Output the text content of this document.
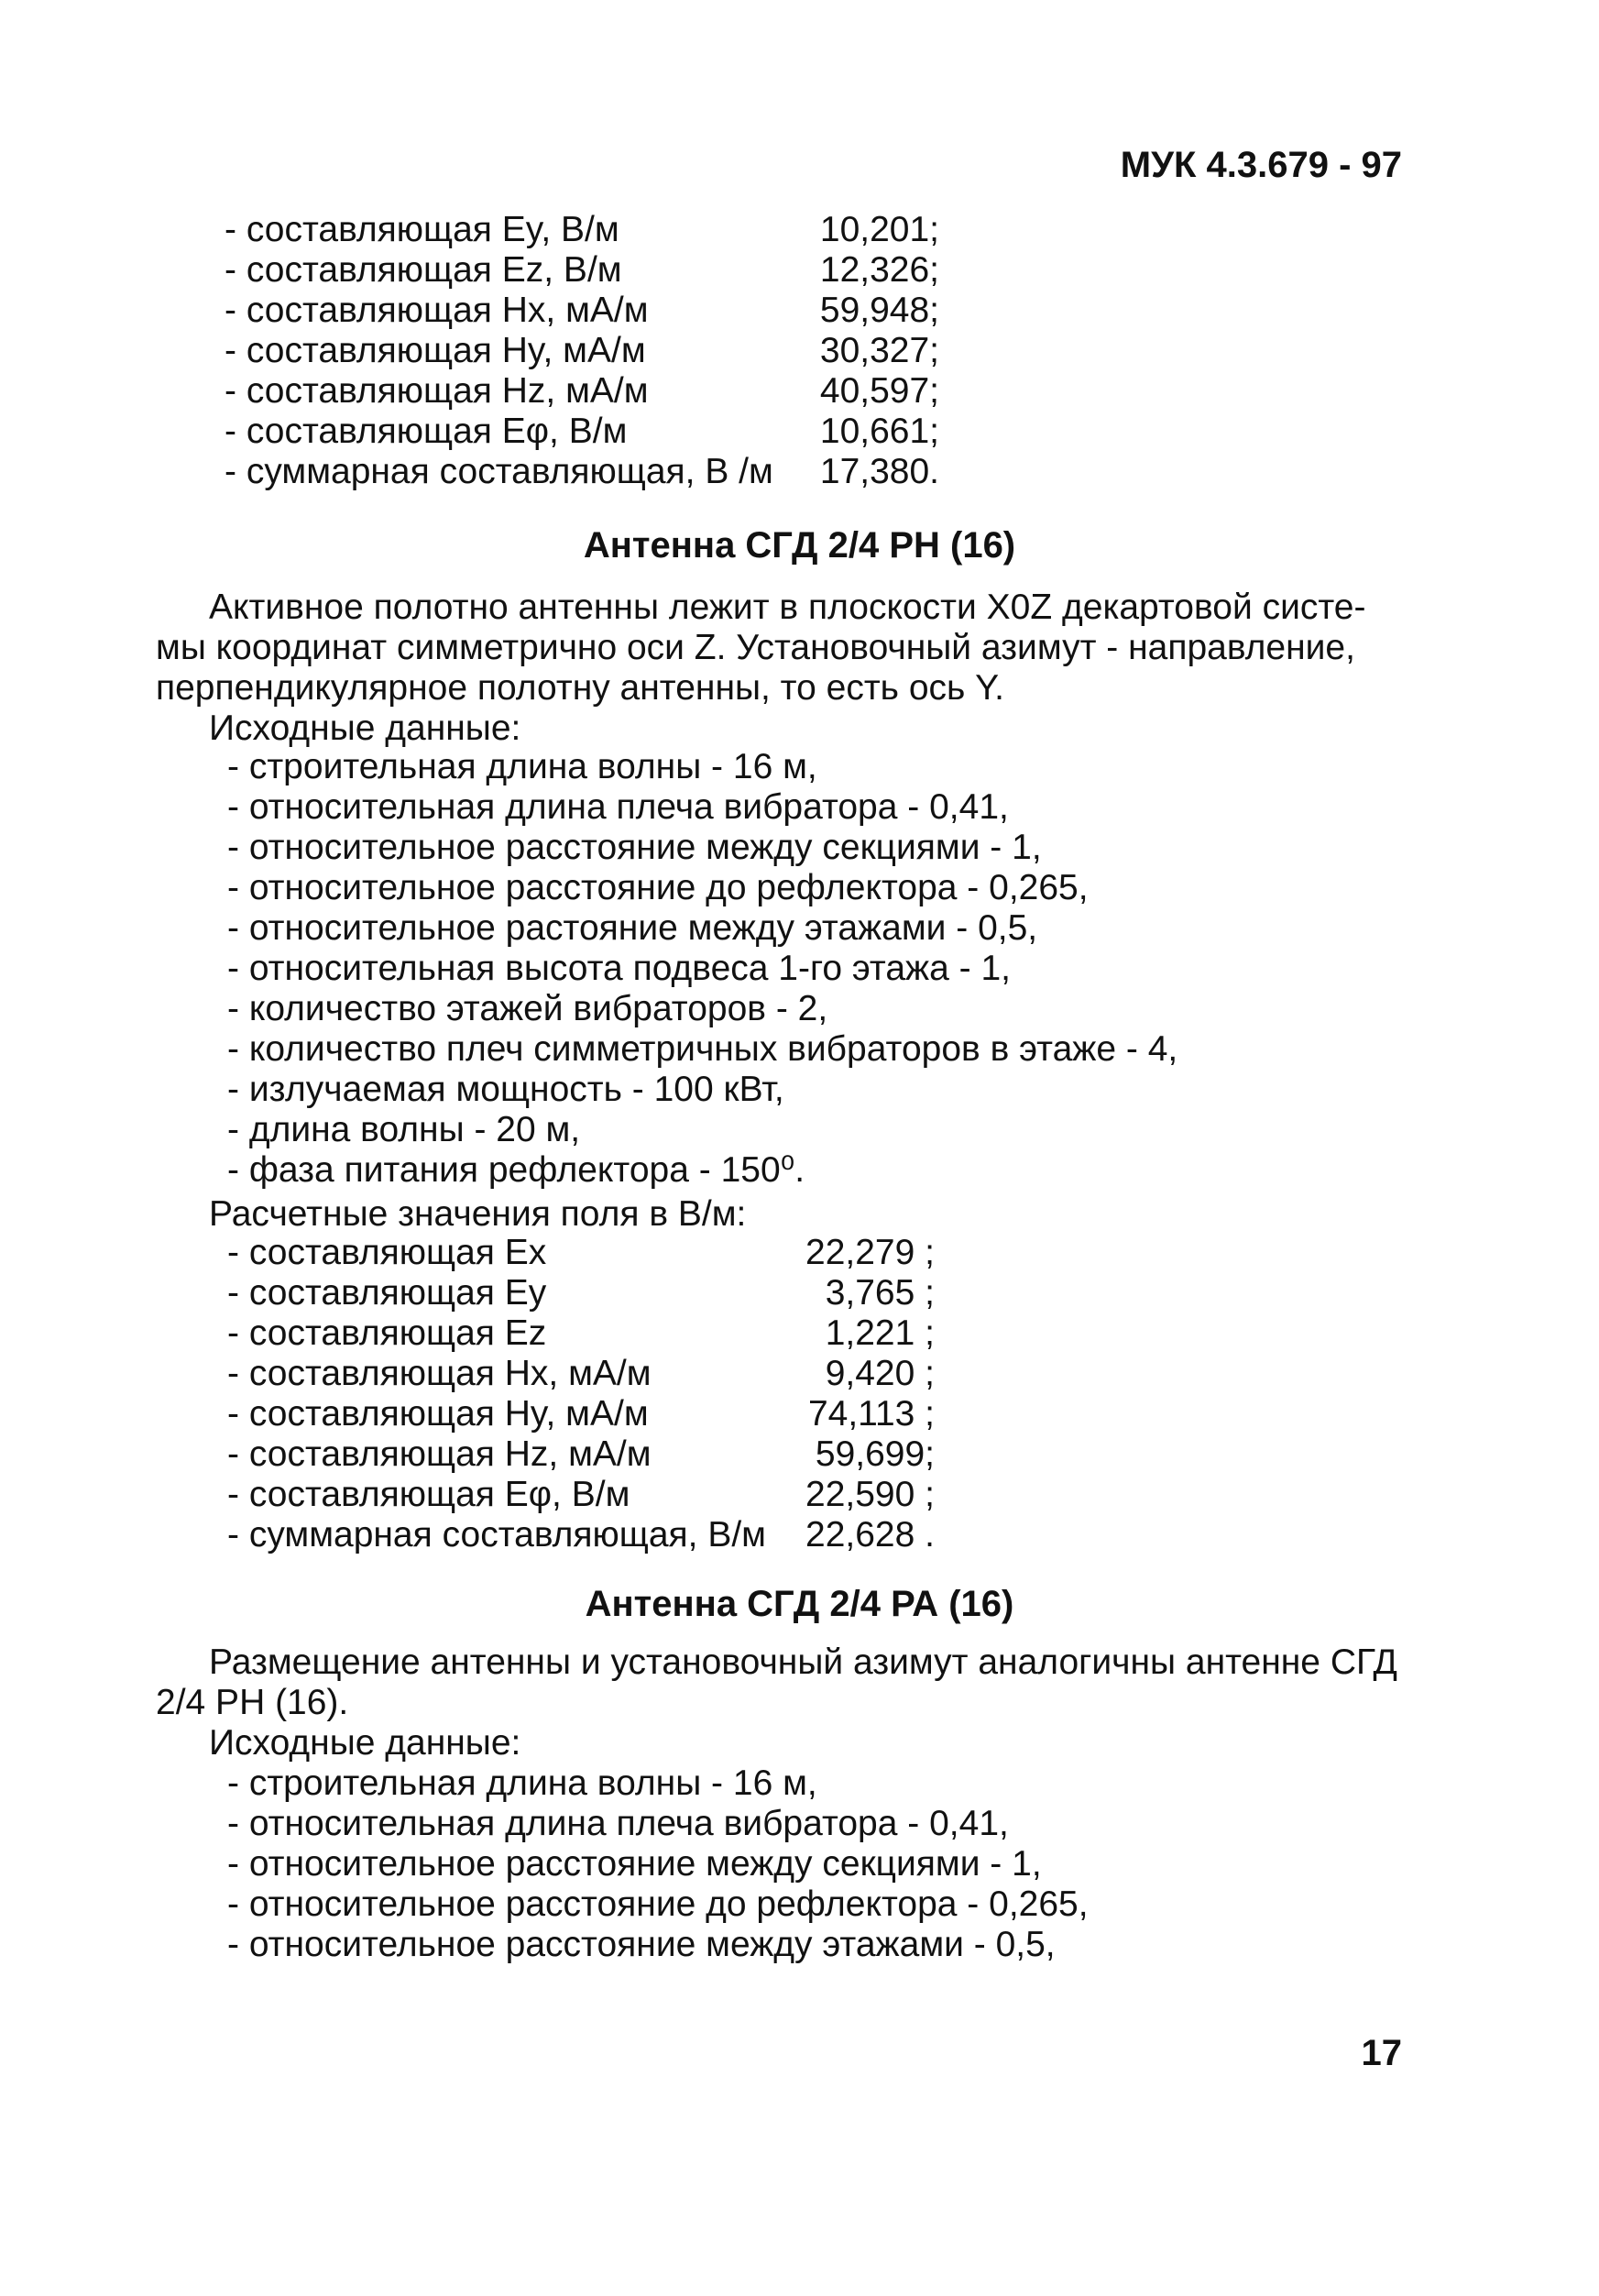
МУК 4.3.679 - 97
- составляющая Ey, В/м	10,201;
- составляющая Ez, В/м	12,326;
- составляющая Hx, мА/м	59,948;
- составляющая Hy, мА/м	30,327;
- составляющая Hz, мА/м	40,597;
- составляющая Eφ, В/м	10,661;
- суммарная составляющая, В /м	17,380.
Антенна СГД 2/4 РН (16)
Активное полотно антенны лежит в плоскости X0Z декартовой систе-
мы координат симметрично оси Z. Установочный азимут - направление,
перпендикулярное полотну антенны, то есть ось Y.
Исходные данные:
- строительная длина волны - 16 м,
- относительная длина плеча вибратора - 0,41,
- относительное расстояние между секциями - 1,
- относительное расстояние до рефлектора - 0,265,
- относительное растояние между этажами - 0,5,
- относительная высота подвеса 1-го этажа - 1,
- количество этажей вибраторов - 2,
- количество плеч симметричных вибраторов в этаже - 4,
- излучаемая мощность - 100 кВт,
- длина волны - 20 м,
- фаза питания рефлектора - 150⁰.
Расчетные значения поля в В/м:
- составляющая Ex	22,279 ;
- составляющая Ey	3,765 ;
- составляющая Ez	1,221 ;
- составляющая Hx, мА/м	9,420 ;
- составляющая Hy, мА/м	74,113 ;
- составляющая Hz, мА/м	59,699;
- составляющая Eφ, В/м	22,590 ;
- суммарная составляющая, В/м	22,628 .
Антенна СГД 2/4 РА (16)
Размещение антенны и установочный азимут аналогичны антенне СГД
2/4 РН (16).
Исходные данные:
- строительная длина волны - 16 м,
- относительная длина плеча вибратора - 0,41,
- относительное расстояние между секциями - 1,
- относительное расстояние до рефлектора - 0,265,
- относительное расстояние между этажами - 0,5,
17
